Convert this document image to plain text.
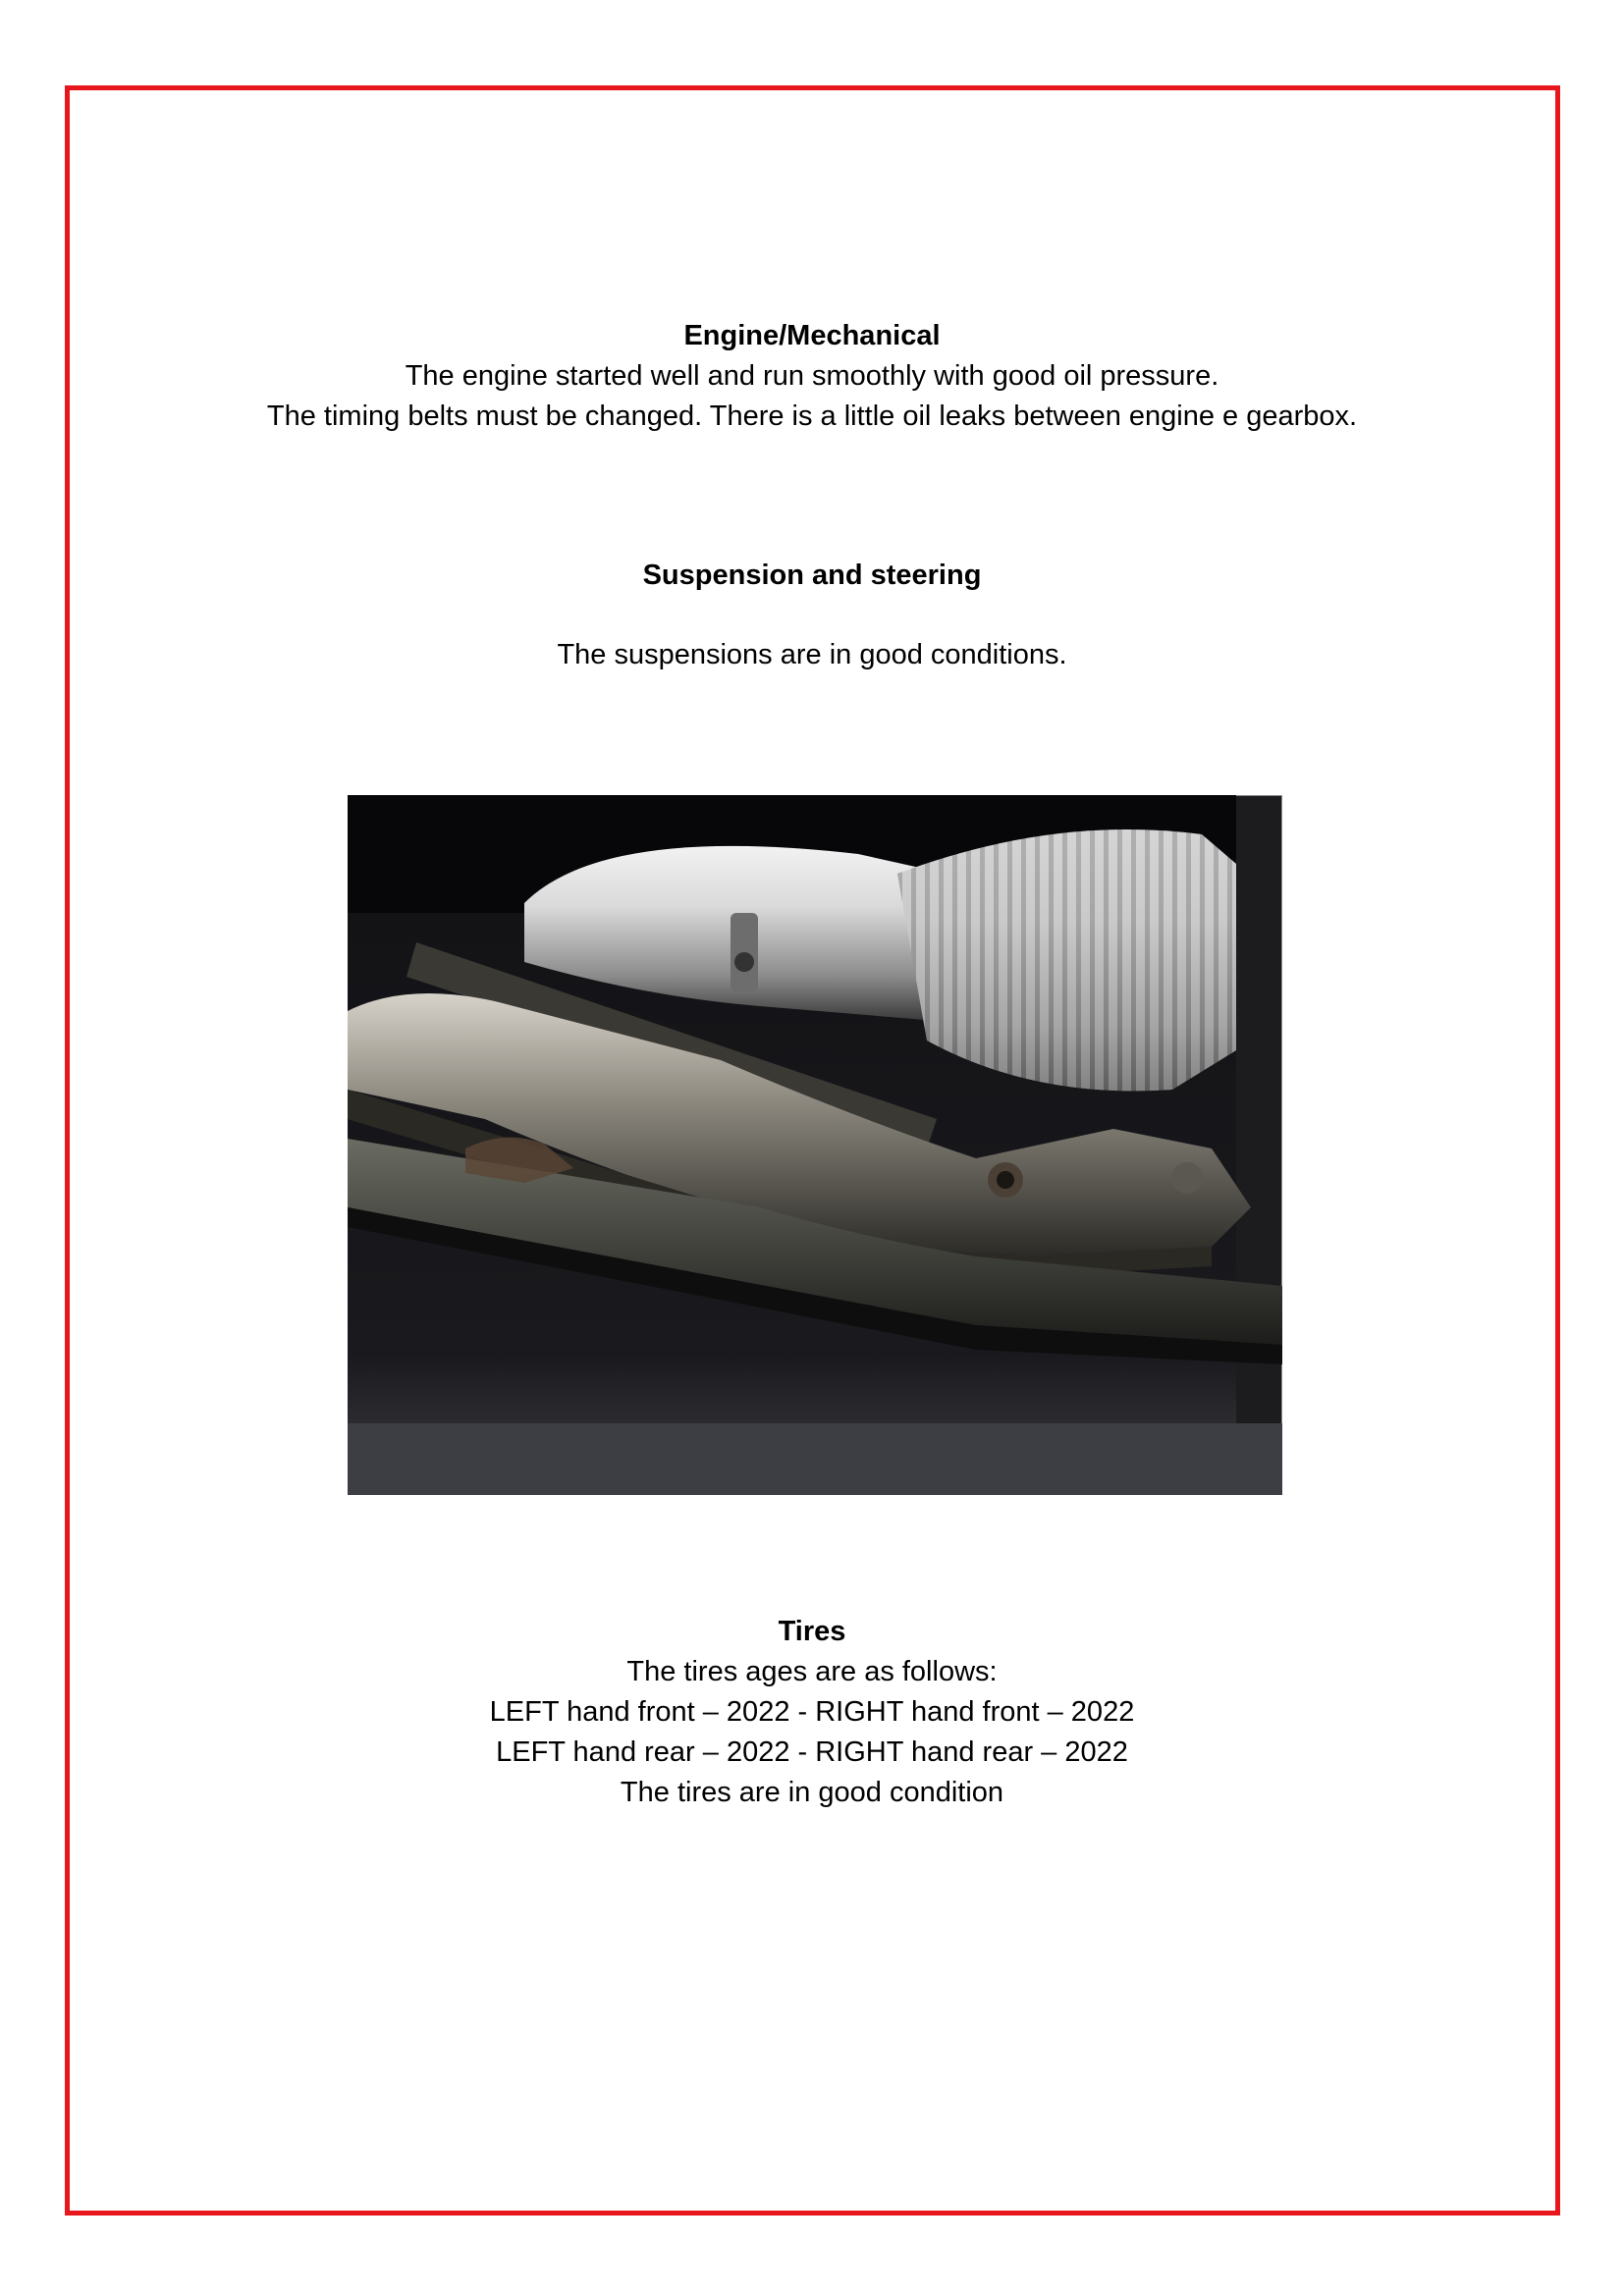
Engine/Mechanical

The engine started well and run smoothly with good oil pressure.

The timing belts must be changed. There is a little oil leaks between engine e gearbox.

Suspension and steering

The suspensions are in good conditions.

Tires

The tires ages are as follows:

LEFT hand front – 2022 - RIGHT hand front – 2022

LEFT hand rear – 2022 - RIGHT hand rear – 2022

The tires are in good condition
